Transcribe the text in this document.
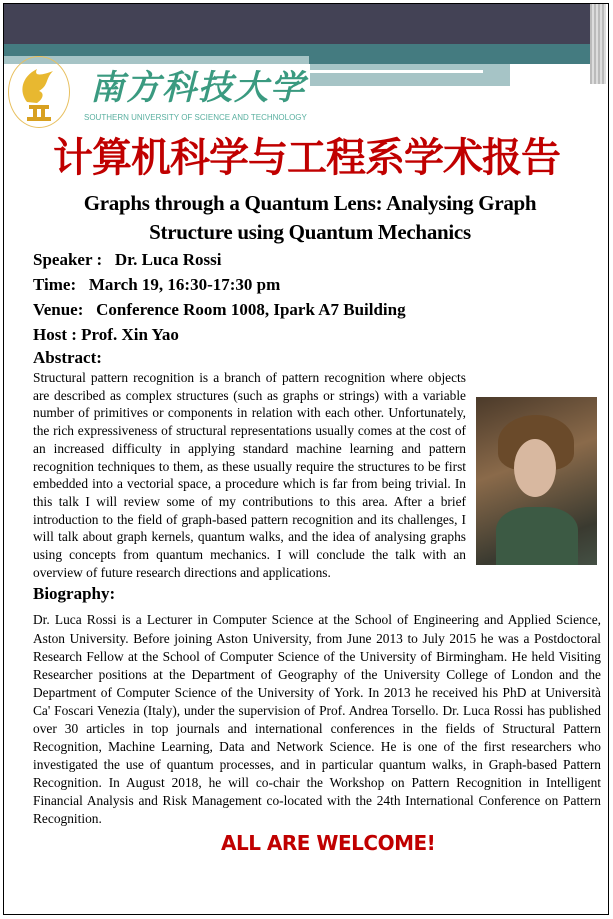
南方科技大学
SOUTHERN UNIVERSITY OF SCIENCE AND TECHNOLOGY
计算机科学与工程系学术报告
Graphs through a Quantum Lens: Analysing Graph
Structure using Quantum Mechanics
Speaker :   Dr. Luca Rossi
Time:   March 19, 16:30-17:30 pm
Venue:   Conference Room 1008, Ipark A7 Building
Host : Prof. Xin Yao
Abstract:
Structural pattern recognition is a branch of pattern recognition where objects are described as complex structures (such as graphs or strings) with a variable number of primitives or components in relation with each other. Unfortunately, the rich expressiveness of structural representations usually comes at the cost of an increased difficulty in applying standard machine learning and pattern recognition techniques to them, as these usually require the structures to be first embedded into a vectorial space, a procedure which is far from being trivial. In this talk I will review some of my contributions to this area. After a brief introduction to the field of graph-based pattern recognition and its challenges, I will talk about graph kernels, quantum walks, and the idea of analysing graphs using concepts from quantum mechanics. I will conclude the talk with an overview of future research directions and applications.
Biography:
Dr. Luca Rossi is a Lecturer in Computer Science at the School of Engineering and Applied Science, Aston University. Before joining Aston University, from June 2013 to July 2015 he was a Postdoctoral Research Fellow at the School of Computer Science of the University of Birmingham. He held Visiting Researcher positions at the Department of Geography of the University College of London and the Department of Computer Science of the University of York. In 2013 he received his PhD at Università Ca' Foscari Venezia (Italy), under the supervision of Prof. Andrea Torsello. Dr. Luca Rossi has published over 30 articles in top journals and international conferences in the fields of Structural Pattern Recognition, Machine Learning, Data and Network Science. He is one of the first researchers who investigated the use of quantum processes, and in particular quantum walks, in Graph-based Pattern Recognition. In August 2018, he will co-chair the Workshop on Pattern Recognition in Intelligent Financial Analysis and Risk Management co-located with the 24th International Conference on Pattern Recognition.
ALL ARE WELCOME!
